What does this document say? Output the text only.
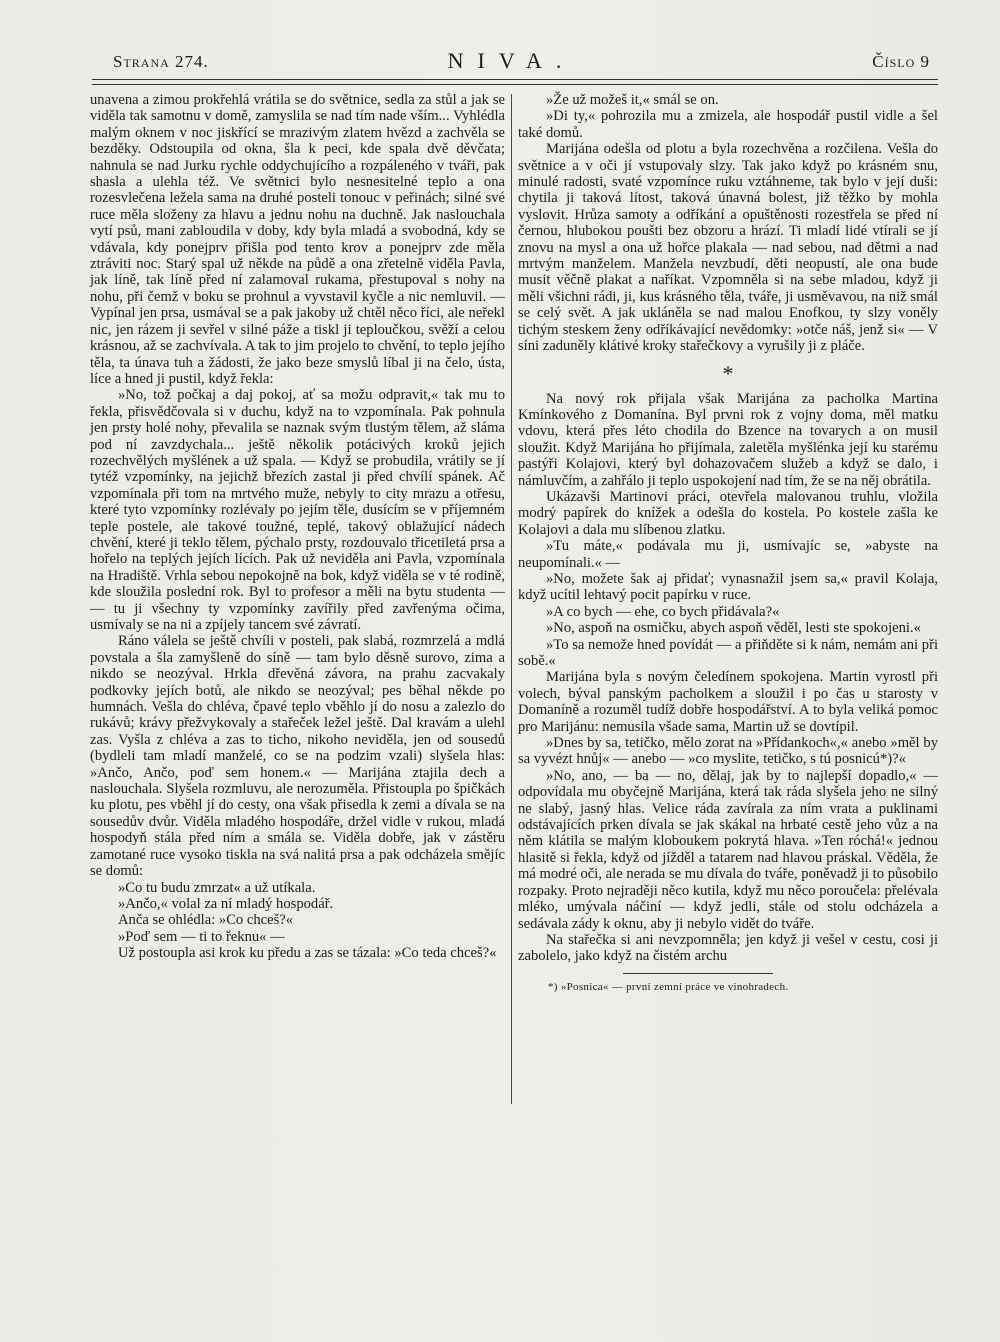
Strana 274.	NIVA.	Číslo 9

unavena a zimou prokřehlá vrátila se do světnice, sedla za stůl a jak se viděla tak samotnu v domě, zamyslila se nad tím nade vším... Vyhlédla malým oknem v noc jiskřící se mrazivým zlatem hvězd a zachvěla se bezděky. Odstoupila od okna, šla k peci, kde spala dvě děvčata; nahnula se nad Jurku rychle oddychujícího a rozpáleného v tváři, pak shasla a ulehla též. Ve světnici bylo nesnesitelné teplo a ona rozesvlečena ležela sama na druhé posteli tonouc v peřinách; silné své ruce měla složeny za hlavu a jednu nohu na duchně. Jak naslouchala vytí psů, mani zabloudila v doby, kdy byla mladá a svobodná, kdy se vdávala, kdy ponejprv přišla pod tento krov a ponejprv zde měla ztráviti noc. Starý spal už někde na půdě a ona zřetelně viděla Pavla, jak líně, tak líně před ní zalamoval rukama, přestupoval s nohy na nohu, při čemž v boku se prohnul a vyvstavil kyčle a nic nemluvil. — Vypínal jen prsa, usmával se a pak jakoby už chtěl něco říci, ale neřekl nic, jen rázem ji sevřel v silné páže a tiskl ji teploučkou, svěží a celou krásnou, až se zachvívala. A tak to jim projelo to chvění, to teplo jejího těla, ta únava tuh a žádosti, že jako beze smyslů líbal ji na čelo, ústa, líce a hned ji pustil, když řekla:

»No, tož počkaj a daj pokoj, ať sa možu odpravit,« tak mu to řekla, přisvědčovala si v duchu, když na to vzpomínala. Pak pohnula jen prsty holé nohy, převalila se naznak svým tlustým tělem, až sláma pod ní zavzdychala... ještě několik potácivých kroků jejich rozechvělých myšlének a už spala. — Když se probudila, vrátily se jí tytéž vzpomínky, na jejichž březích zastal ji před chvílí spánek. Ač vzpomínala při tom na mrtvého muže, nebyly to city mrazu a otřesu, které tyto vzpomínky rozlévaly po jejím těle, dusícím se v příjemném teple postele, ale takové toužné, teplé, takový oblažující nádech chvění, které ji teklo tělem, pýchalo prsty, rozdouvalo třicetiletá prsa a hořelo na teplých jejích lících. Pak už neviděla ani Pavla, vzpomínala na Hradiště. Vrhla sebou nepokojně na bok, když viděla se v té rodině, kde sloužila poslední rok. Byl to profesor a měli na bytu studenta — — tu ji všechny ty vzpomínky zavířily před zavřenýma očima, usmívaly se na ni a zpíjely tancem své závratí.

Ráno válela se ještě chvíli v posteli, pak slabá, rozmrzelá a mdlá povstala a šla zamyšleně do síně — tam bylo děsně surovo, zima a nikdo se neozýval. Hrkla dřevěná závora, na prahu zacvakaly podkovky jejích botů, ale nikdo se neozýval; pes běhal někde po humnách. Vešla do chléva, čpavé teplo vběhlo jí do nosu a zalezlo do rukávů; krávy přežvykovaly a stařeček ležel ještě. Dal kravám a ulehl zas. Vyšla z chléva a zas to ticho, nikoho neviděla, jen od sousedů (bydleli tam mladí manželé, co se na podzim vzali) slyšela hlas: »Ančo, Ančo, poď sem honem.« — Marijána ztajila dech a naslouchala. Slyšela rozmluvu, ale nerozuměla. Přistoupla po špičkách ku plotu, pes vběhl jí do cesty, ona však přisedla k zemi a dívala se na sousedův dvůr. Viděla mladého hospodáře, držel vidle v rukou, mladá hospodyň stála před ním a smála se. Viděla dobře, jak v zástěru zamotané ruce vysoko tiskla na svá nalitá prsa a pak odcházela smějíc se domů:

»Co tu budu zmrzat« a už utíkala.

»Ančo,« volal za ní mladý hospodář.

Anča se ohlédla: »Co chceš?«

»Poď sem — ti to řeknu« —

Už postoupla asi krok ku předu a zas se tázala: »Co teda chceš?«

»Že už možeš it,« smál se on.

»Di ty,« pohrozila mu a zmizela, ale hospodář pustil vidle a šel také domů.

Marijána odešla od plotu a byla rozechvěna a rozčilena. Vešla do světnice a v oči jí vstupovaly slzy. Tak jako když po krásném snu, minulé radosti, svaté vzpomínce ruku vztáhneme, tak bylo v její duši: chytila ji taková lítost, taková únavná bolest, již těžko by mohla vyslovit. Hrůza samoty a odříkání a opuštěnosti rozestřela se před ní černou, hlubokou poušti bez obzoru a hrází. Ti mladí lidé vtírali se jí znovu na mysl a ona už hořce plakala — nad sebou, nad dětmi a nad mrtvým manželem. Manžela nevzbudí, děti neopustí, ale ona bude musit věčně plakat a naříkat. Vzpomněla si na sebe mladou, když ji měli všichni rádi, ji, kus krásného těla, tváře, ji usměvavou, na niž smál se celý svět. A jak ukláněla se nad malou Enofkou, ty slzy voněly tichým steskem ženy odříkávající nevědomky: »otče náš, jenž si« — V síni zaduněly klátivé kroky stařečkovy a vyrušily ji z pláče.

*

Na nový rok přijala však Marijána za pacholka Martina Kmínkového z Domanína. Byl prvni rok z vojny doma, měl matku vdovu, která přes léto chodila do Bzence na tovarych a on musil sloužit. Když Marijána ho přijímala, zaletěla myšlénka její ku starému pastýři Kolajovi, který byl dohazovačem služeb a když se dalo, i námluvčím, a zahřálo ji teplo uspokojení nad tím, že se na něj obrátila.

Ukázavši Martinovi práci, otevřela malovanou truhlu, vložila modrý papírek do knížek a odešla do kostela. Po kostele zašla ke Kolajovi a dala mu slíbenou zlatku.

»Tu máte,« podávala mu ji, usmívajíc se, »abyste na neupomínali.« —

»No, možete šak aj přidať; vynasnažil jsem sa,« pravil Kolaja, když ucítil lehtavý pocit papírku v ruce.

»A co bych — ehe, co bych přidávala?«

»No, aspoň na osmičku, abych aspoň věděl, lesti ste spokojeni.«

»To sa nemože hned povídát — a přiňděte si k nám, nemám ani při sobě.«

Marijána byla s novým čeledínem spokojena. Martin vyrostl při volech, býval panským pacholkem a sloužil i po čas u starosty v Domaníně a rozuměl tudíž dobře hospodářství. A to byla veliká pomoc pro Marijánu: nemusila všade sama, Martin už se dovtípil.

»Dnes by sa, tetičko, mělo zorat na »Přídankoch«,« anebo »měl by sa vyvézt hnůj« — anebo — »co myslite, tetičko, s tú posnicú*)?«

»No, ano, — ba — no, dělaj, jak by to najlepší dopadlo,« — odpovídala mu obyčejně Marijána, která tak ráda slyšela jeho ne silný ne slabý, jasný hlas. Velice ráda zavírala za ním vrata a puklinami odstávajících prken dívala se jak skákal na hrbaté cestě jeho vůz a na něm klátila se malým kloboukem pokrytá hlava. »Ten róchá!« jednou hlasitě si řekla, když od jížděl a tatarem nad hlavou práskal. Věděla, že má modré oči, ale nerada se mu dívala do tváře, poněvadž ji to působilo rozpaky. Proto nejraději něco kutila, když mu něco poroučela: přelévala mléko, umývala náčiní — když jedli, stále od stolu odcházela a sedávala zády k oknu, aby ji nebylo vidět do tváře.

Na stařečka si ani nevzpomněla; jen když ji vešel v cestu, cosi ji zabolelo, jako když na čistém archu

*) »Posnica« — první zemní práce ve vinohradech.
